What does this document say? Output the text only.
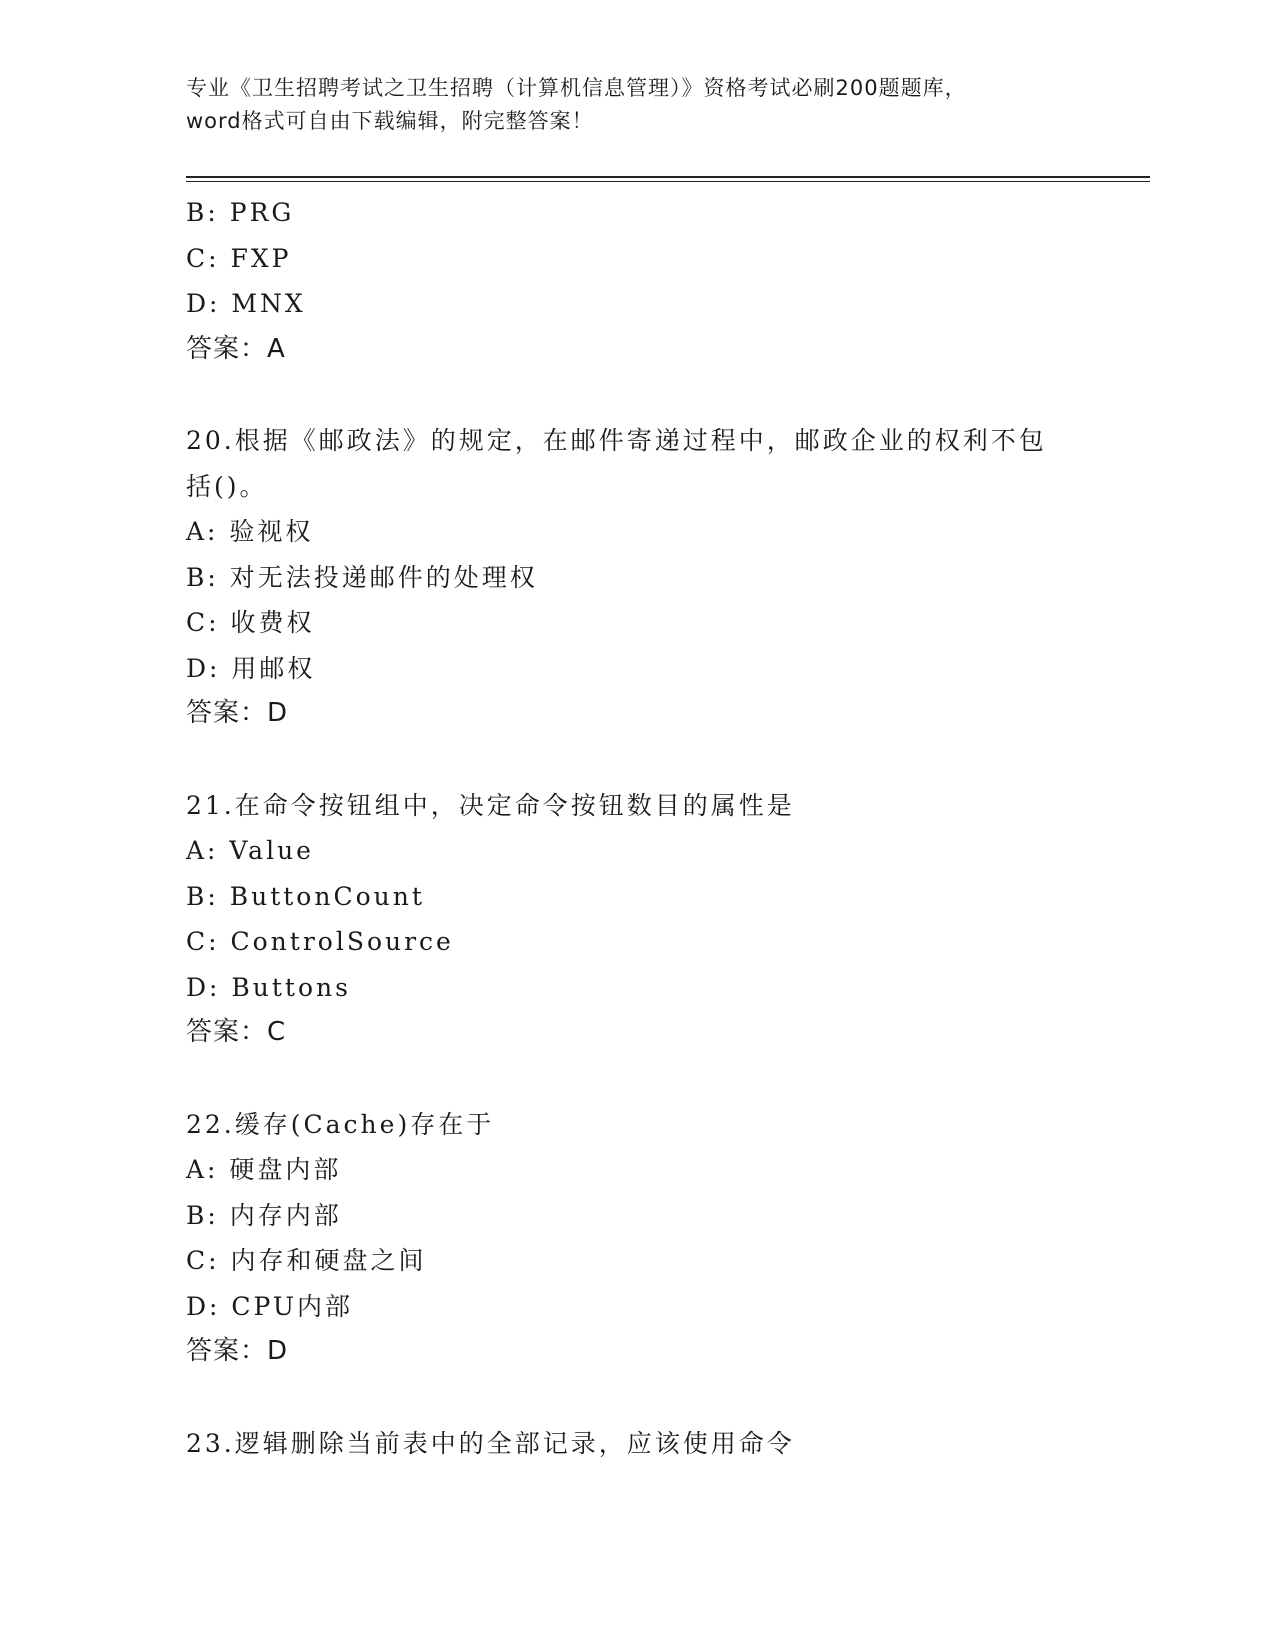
专业《卫生招聘考试之卫生招聘（计算机信息管理）》资格考试必刷200题题库，
word格式可自由下载编辑，附完整答案！
B: PRG
C: FXP
D: MNX
答案：A
20.根据《邮政法》的规定，在邮件寄递过程中，邮政企业的权利不包
括()。
A: 验视权
B: 对无法投递邮件的处理权
C: 收费权
D: 用邮权
答案：D
21.在命令按钮组中，决定命令按钮数目的属性是
A: Value
B: ButtonCount
C: ControlSource
D: Buttons
答案：C
22.缓存(Cache)存在于
A: 硬盘内部
B: 内存内部
C: 内存和硬盘之间
D: CPU内部
答案：D
23.逻辑删除当前表中的全部记录，应该使用命令
